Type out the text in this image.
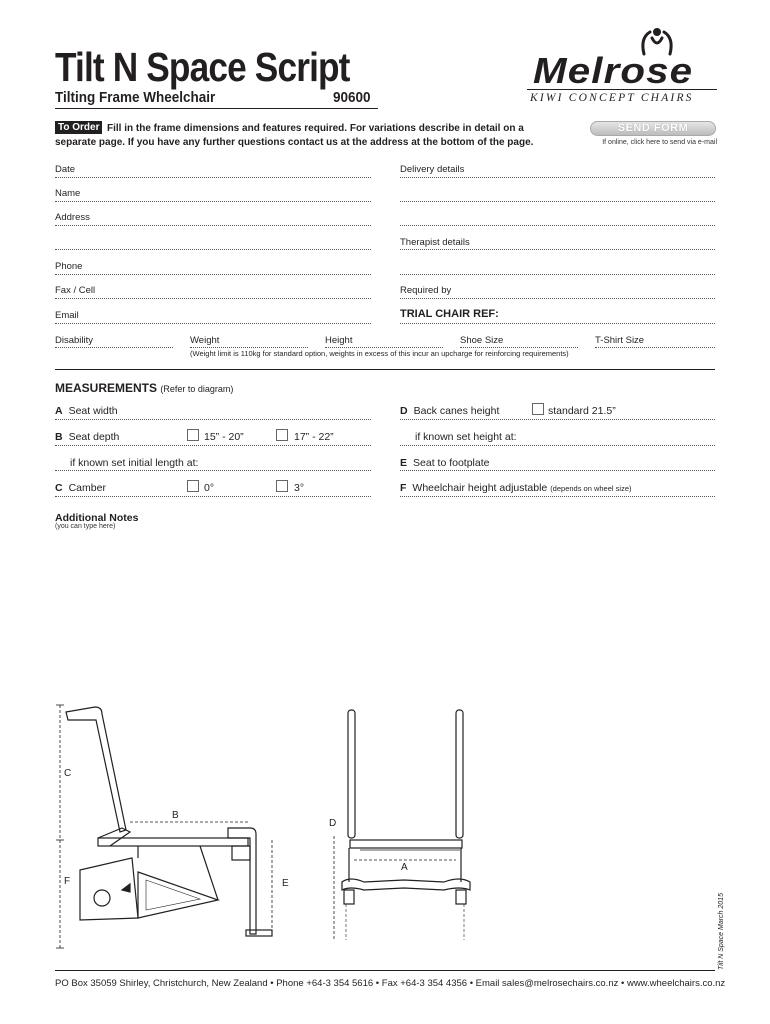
Tilt N Space Script
Tilting Frame Wheelchair	90600
Melrose
KIWI CONCEPT CHAIRS
Fill in the frame dimensions and features required. For variations describe in detail on a separate page. If you have any further questions contact us at the address at the bottom of the page.
To Order	SEND FORM
If online, click here to send via e-mail
Date
Name
Address
Phone
Fax / Cell
Email
Delivery details
Therapist details
Required by
TRIAL CHAIR REF:
Disability	Weight	Height	Shoe Size	T-Shirt Size
(Weight limit is 110kg for standard option, weights in excess of this incur an upcharge for reinforcing requirements)
MEASUREMENTS (Refer to diagram)
A Seat width
B Seat depth	15” - 20”	17” - 22”
if known set initial length at:
C Camber	0°	3°
D Back canes height	standard 21.5”
if known set height at:
E Seat to footplate
F Wheelchair height adjustable (depends on wheel size)
Additional Notes
(you can type here)
C
B
F	E
D
A
Tilt N Space March 2015
PO Box 35059 Shirley, Christchurch, New Zealand • Phone +64-3 354 5616 • Fax +64-3 354 4356 • Email sales@melrosechairs.co.nz • www.wheelchairs.co.nz
